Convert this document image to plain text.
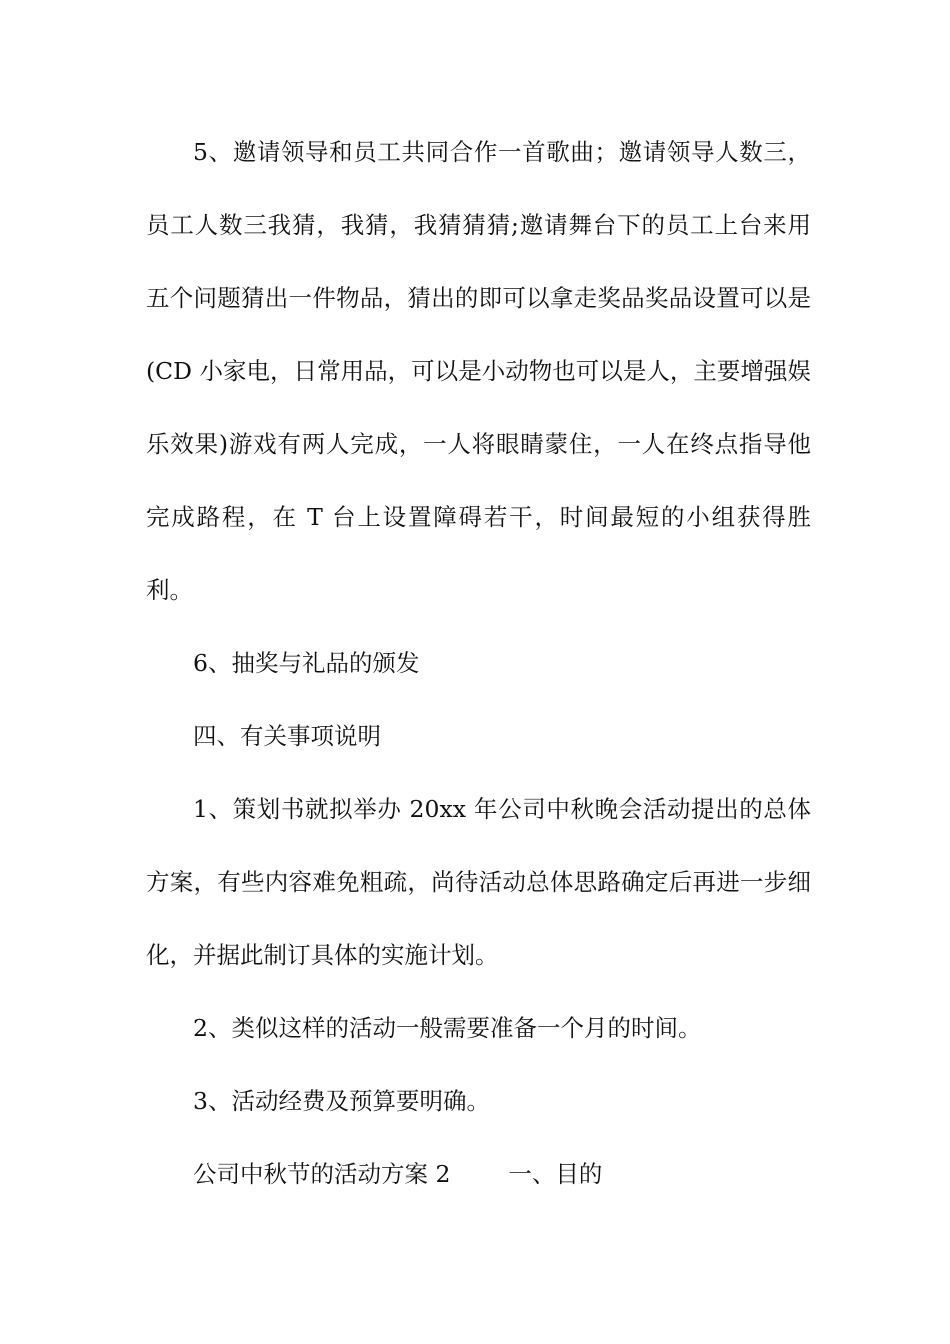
5、邀请领导和员工共同合作一首歌曲；邀请领导人数三，员工人数三我猜，我猜，我猜猜猜;邀请舞台下的员工上台来用五个问题猜出一件物品，猜出的即可以拿走奖品奖品设置可以是(CD 小家电，日常用品，可以是小动物也可以是人，主要增强娱乐效果)游戏有两人完成，一人将眼睛蒙住，一人在终点指导他完成路程，在 T 台上设置障碍若干，时间最短的小组获得胜利。

6、抽奖与礼品的颁发

四、有关事项说明

1、策划书就拟举办 20xx 年公司中秋晚会活动提出的总体方案，有些内容难免粗疏，尚待活动总体思路确定后再进一步细化，并据此制订具体的实施计划。

2、类似这样的活动一般需要准备一个月的时间。

3、活动经费及预算要明确。

公司中秋节的活动方案 2 一、目的
